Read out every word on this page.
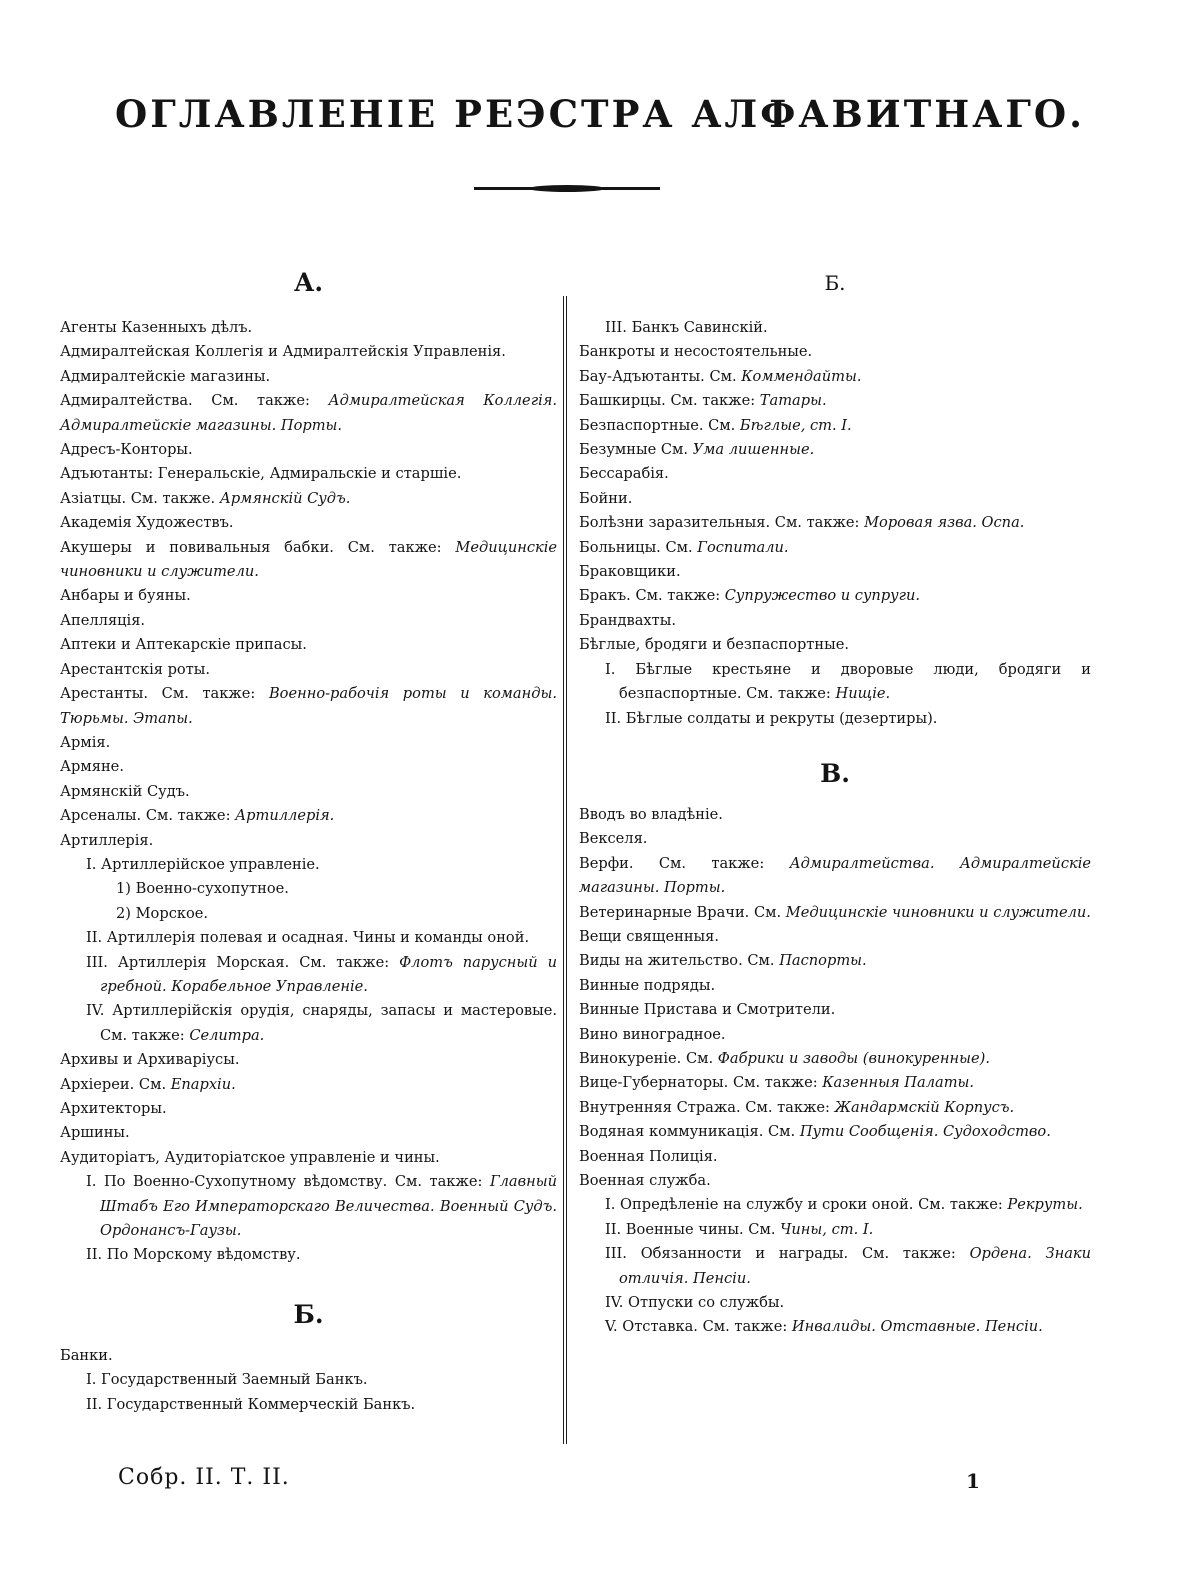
ОГЛАВЛЕНІЕ РЕЭСТРА АЛФАВИТНАГО.
А.
Агенты Казенныхъ дѣлъ.
Адмиралтейская Коллегія и Адмиралтейскія Управленія.
Адмиралтейскіе магазины.
Адмиралтейства. См. также: Адмиралтейская Коллегія. Адмиралтейскіе магазины. Порты.
Адресъ-Конторы.
Адъютанты: Генеральскіе, Адмиральскіе и старшіе.
Азіатцы. См. также. Армянскій Судъ.
Академія Художествъ.
Акушеры и повивальныя бабки. См. также: Медицинскіе чиновники и служители.
Анбары и буяны.
Апелляція.
Аптеки и Аптекарскіе припасы.
Арестантскія роты.
Арестанты. См. также: Военно-рабочія роты и команды. Тюрьмы. Этапы.
Армія.
Армяне.
Армянскій Судъ.
Арсеналы. См. также: Артиллерія.
Артиллерія.
I. Артиллерійское управленіе.
1) Военно-сухопутное.
2) Морское.
II. Артиллерія полевая и осадная. Чины и команды оной.
III. Артиллерія Морская. См. также: Флотъ парусный и гребной. Корабельное Управленіе.
IV. Артиллерійскія орудія, снаряды, запасы и мастеровые. См. также: Селитра.
Архивы и Архиваріусы.
Архіереи. См. Епархіи.
Архитекторы.
Аршины.
Аудиторіатъ, Аудиторіатское управленіе и чины.
I. По Военно-Сухопутному вѣдомству. См. также: Главный Штабъ Его Императорскаго Величества. Военный Судъ. Ордонансъ-Гаузы.
II. По Морскому вѣдомству.
Б.
Банки.
I. Государственный Заемный Банкъ.
II. Государственный Коммерческій Банкъ.
Б.
III. Банкъ Савинскій.
Банкроты и несостоятельные.
Бау-Адъютанты. См. Коммендайты.
Башкирцы. См. также: Татары.
Безпаспортные. См. Бѣглые, ст. I.
Безумные См. Ума лишенные.
Бессарабія.
Бойни.
Болѣзни заразительныя. См. также: Моровая язва. Оспа.
Больницы. См. Госпитали.
Браковщики.
Бракъ. См. также: Супружество и супруги.
Брандвахты.
Бѣглые, бродяги и безпаспортные.
I. Бѣглые крестьяне и дворовые люди, бродяги и безпаспортные. См. также: Нищіе.
II. Бѣглые солдаты и рекруты (дезертиры).
В.
Вводъ во владѣніе.
Векселя.
Верфи. См. также: Адмиралтейства. Адмиралтейскіе магазины. Порты.
Ветеринарные Врачи. См. Медицинскіе чиновники и служители.
Вещи священныя.
Виды на жительство. См. Паспорты.
Винные подряды.
Винные Пристава и Смотрители.
Вино виноградное.
Винокуреніе. См. Фабрики и заводы (винокуренные).
Вице-Губернаторы. См. также: Казенныя Палаты.
Внутренняя Стража. См. также: Жандармскій Корпусъ.
Водяная коммуникація. См. Пути Сообщенія. Судоходство.
Военная Полиція.
Военная служба.
I. Опредѣленіе на службу и сроки оной. См. также: Рекруты.
II. Военные чины. См. Чины, ст. I.
III. Обязанности и награды. См. также: Ордена. Знаки отличія. Пенсіи.
IV. Отпуски со службы.
V. Отставка. См. также: Инвалиды. Отставные. Пенсіи.
Собр. II. Т. II.	1
